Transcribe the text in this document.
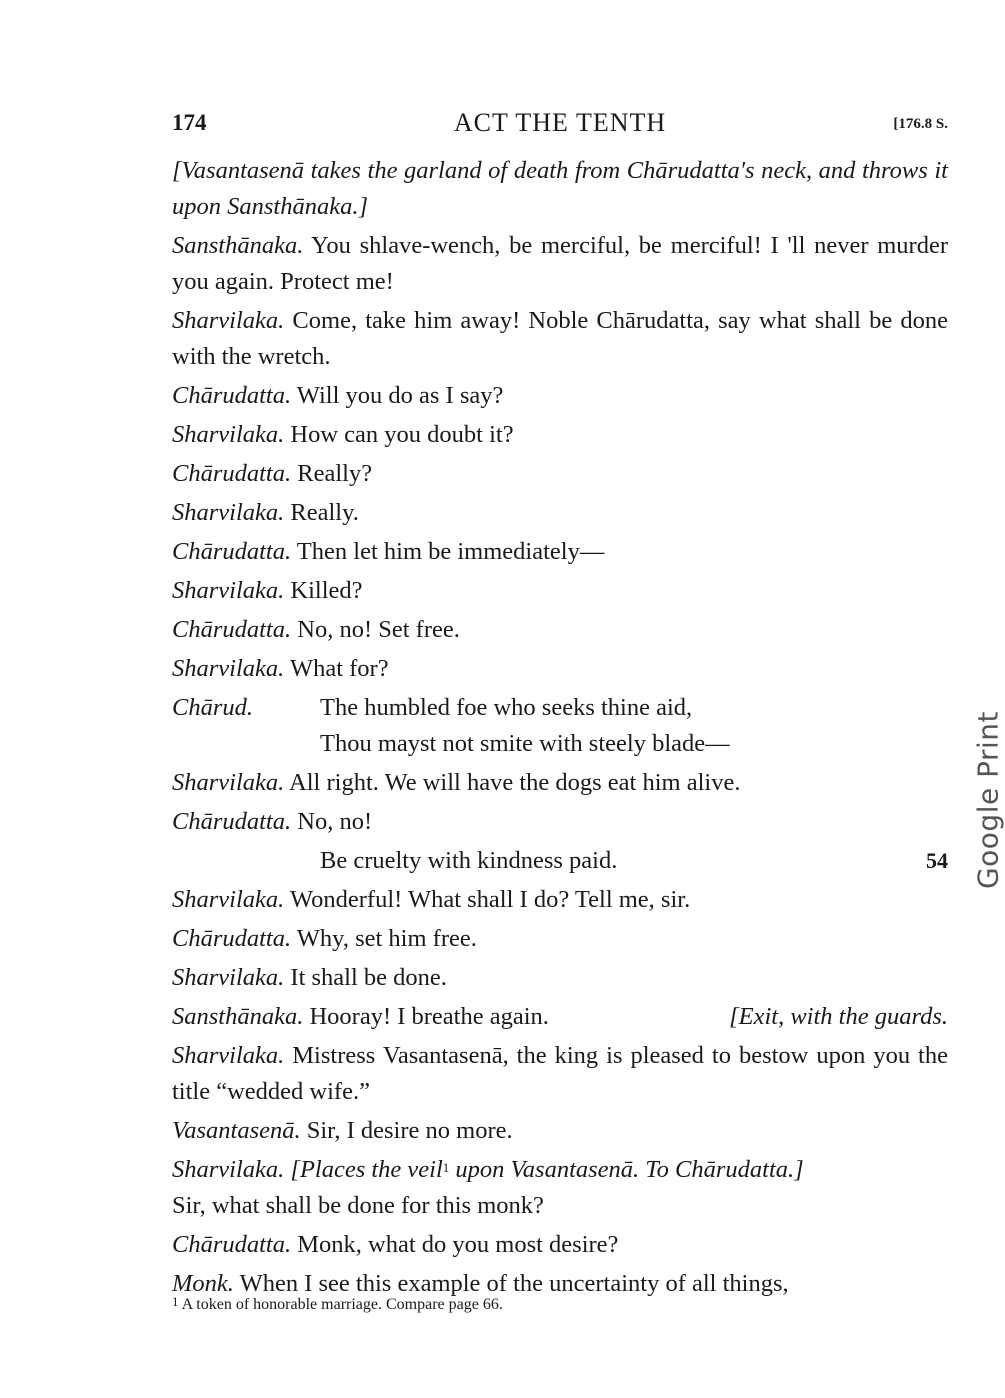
174	ACT THE TENTH	[176.8 S.

[Vasantasenā takes the garland of death from Chārudatta's neck, and throws it upon Sansthānaka.]

Sansthānaka. You shlave-wench, be merciful, be merciful! I 'll never murder you again. Protect me!

Sharvilaka. Come, take him away! Noble Chārudatta, say what shall be done with the wretch.

Chārudatta. Will you do as I say?

Sharvilaka. How can you doubt it?

Chārudatta. Really?

Sharvilaka. Really.

Chārudatta. Then let him be immediately—

Sharvilaka. Killed?

Chārudatta. No, no! Set free.

Sharvilaka. What for?

Chārud.	The humbled foe who seeks thine aid,
Thou mayst not smite with steely blade—

Sharvilaka. All right. We will have the dogs eat him alive.

Chārudatta. No, no!

Be cruelty with kindness paid.	54

Sharvilaka. Wonderful! What shall I do? Tell me, sir.

Chārudatta. Why, set him free.

Sharvilaka. It shall be done.

Sansthānaka. Hooray! I breathe again.	[Exit, with the guards.

Sharvilaka. Mistress Vasantasenā, the king is pleased to bestow upon you the title “wedded wife.”

Vasantasenā. Sir, I desire no more.

Sharvilaka. [Places the veil$^1$ upon Vasantasenā. To Chārudatta.]
Sir, what shall be done for this monk?

Chārudatta. Monk, what do you most desire?

Monk. When I see this example of the uncertainty of all things,

$^1$ A token of honorable marriage. Compare page 66.
Google Print
